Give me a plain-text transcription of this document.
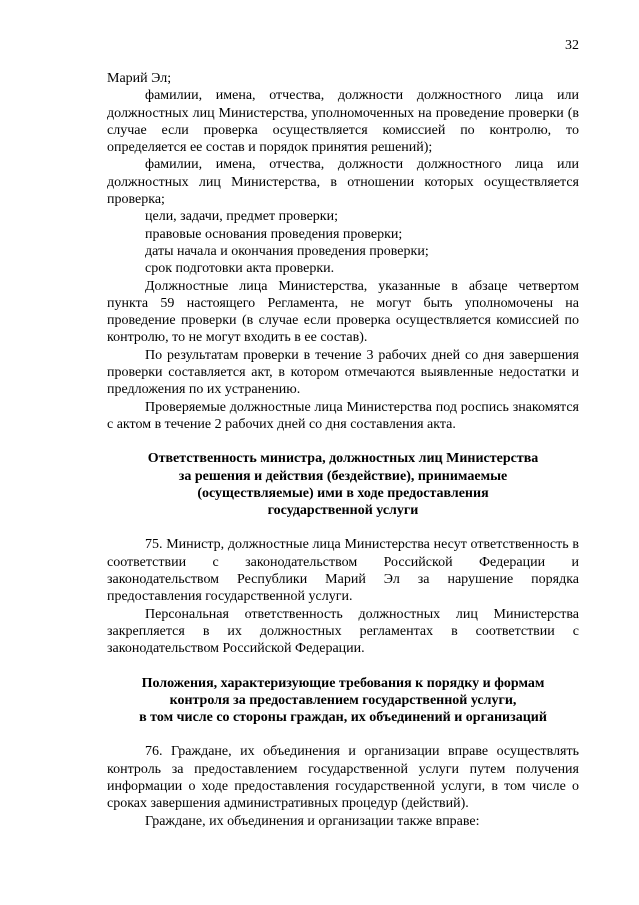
32

Марий Эл;

фамилии, имена, отчества, должности должностного лица или должностных лиц Министерства, уполномоченных на проведение проверки (в случае если проверка осуществляется комиссией по контролю, то определяется ее состав и порядок принятия решений);

фамилии, имена, отчества, должности должностного лица или должностных лиц Министерства, в отношении которых осуществляется проверка;

цели, задачи, предмет проверки;

правовые основания проведения проверки;

даты начала и окончания проведения проверки;

срок подготовки акта проверки.

Должностные лица Министерства, указанные в абзаце четвертом пункта 59 настоящего Регламента, не могут быть уполномочены на проведение проверки (в случае если проверка осуществляется комиссией по контролю, то не могут входить в ее состав).

По результатам проверки в течение 3 рабочих дней со дня завершения проверки составляется акт, в котором отмечаются выявленные недостатки и предложения по их устранению.

Проверяемые должностные лица Министерства под роспись знакомятся с актом в течение 2 рабочих дней со дня составления акта.

Ответственность министра, должностных лиц Министерства

за решения и действия (бездействие), принимаемые

(осуществляемые) ими в ходе предоставления

государственной услуги

75. Министр, должностные лица Министерства несут ответственность в соответствии с законодательством Российской Федерации и законодательством Республики Марий Эл за нарушение порядка предоставления государственной услуги.

Персональная ответственность должностных лиц Министерства закрепляется в их должностных регламентах в соответствии с законодательством Российской Федерации.

Положения, характеризующие требования к порядку и формам

контроля за предоставлением государственной услуги,

в том числе со стороны граждан, их объединений и организаций

76. Граждане, их объединения и организации вправе осуществлять контроль за предоставлением государственной услуги путем получения информации о ходе предоставления государственной услуги, в том числе о сроках завершения административных процедур (действий).

Граждане, их объединения и организации также вправе:
